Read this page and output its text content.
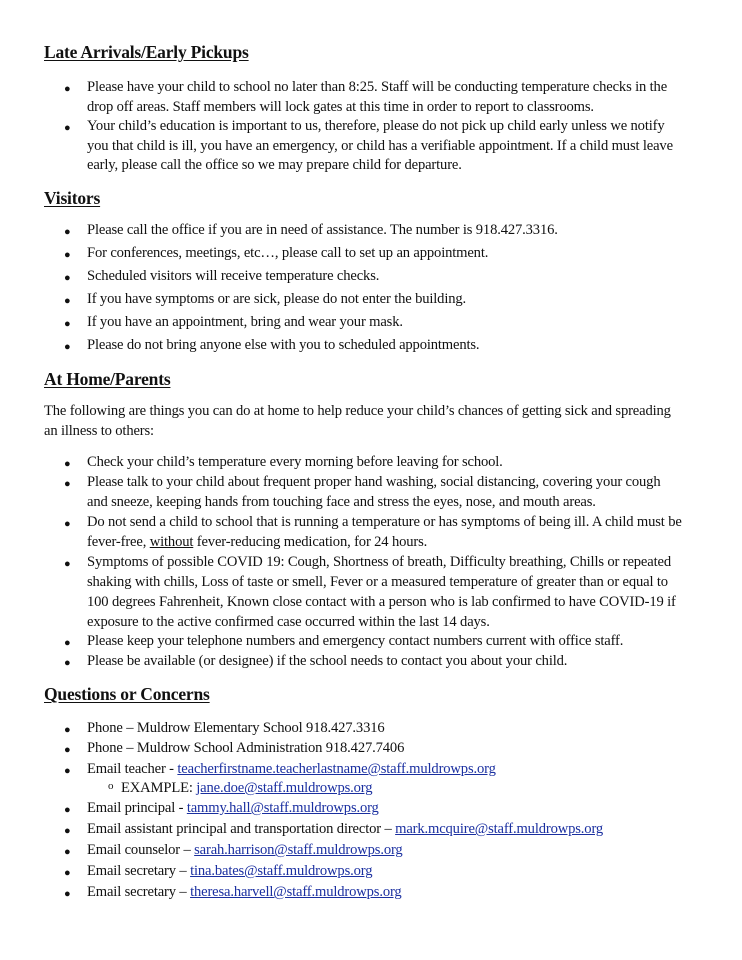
Late Arrivals/Early Pickups
●
Please have your child to school no later than 8:25. Staff will be conducting temperature checks in the
drop off areas. Staff members will lock gates at this time in order to report to classrooms.
●
Your child’s education is important to us, therefore, please do not pick up child early unless we notify
you that child is ill, you have an emergency, or child has a verifiable appointment. If a child must leave
early, please call the office so we may prepare child for departure.
Visitors
●
Please call the office if you are in need of assistance. The number is 918.427.3316.
●
For conferences, meetings, etc…, please call to set up an appointment.
●
Scheduled visitors will receive temperature checks.
●
If you have symptoms or are sick, please do not enter the building.
●
If you have an appointment, bring and wear your mask.
●
Please do not bring anyone else with you to scheduled appointments.
At Home/Parents
The following are things you can do at home to help reduce your child’s chances of getting sick and spreading
an illness to others:
●
Check your child’s temperature every morning before leaving for school.
●
Please talk to your child about frequent proper hand washing, social distancing, covering your cough
and sneeze, keeping hands from touching face and stress the eyes, nose, and mouth areas.
●
Do not send a child to school that is running a temperature or has symptoms of being ill. A child must be
fever-free, without fever-reducing medication, for 24 hours.
●
Symptoms of possible COVID 19: Cough, Shortness of breath, Difficulty breathing, Chills or repeated
shaking with chills, Loss of taste or smell, Fever or a measured temperature of greater than or equal to
100 degrees Fahrenheit, Known close contact with a person who is lab confirmed to have COVID-19 if
exposure to the active confirmed case occurred within the last 14 days.
●
Please keep your telephone numbers and emergency contact numbers current with office staff.
●
Please be available (or designee) if the school needs to contact you about your child.
Questions or Concerns
●
Phone – Muldrow Elementary School 918.427.3316
●
Phone – Muldrow School Administration 918.427.7406
●
Email teacher - teacherfirstname.teacherlastname@staff.muldrowps.org
o
EXAMPLE: jane.doe@staff.muldrowps.org
●
Email principal - tammy.hall@staff.muldrowps.org
●
Email assistant principal and transportation director – mark.mcquire@staff.muldrowps.org
●
Email counselor – sarah.harrison@staff.muldrowps.org
●
Email secretary – tina.bates@staff.muldrowps.org
●
Email secretary – theresa.harvell@staff.muldrowps.org
